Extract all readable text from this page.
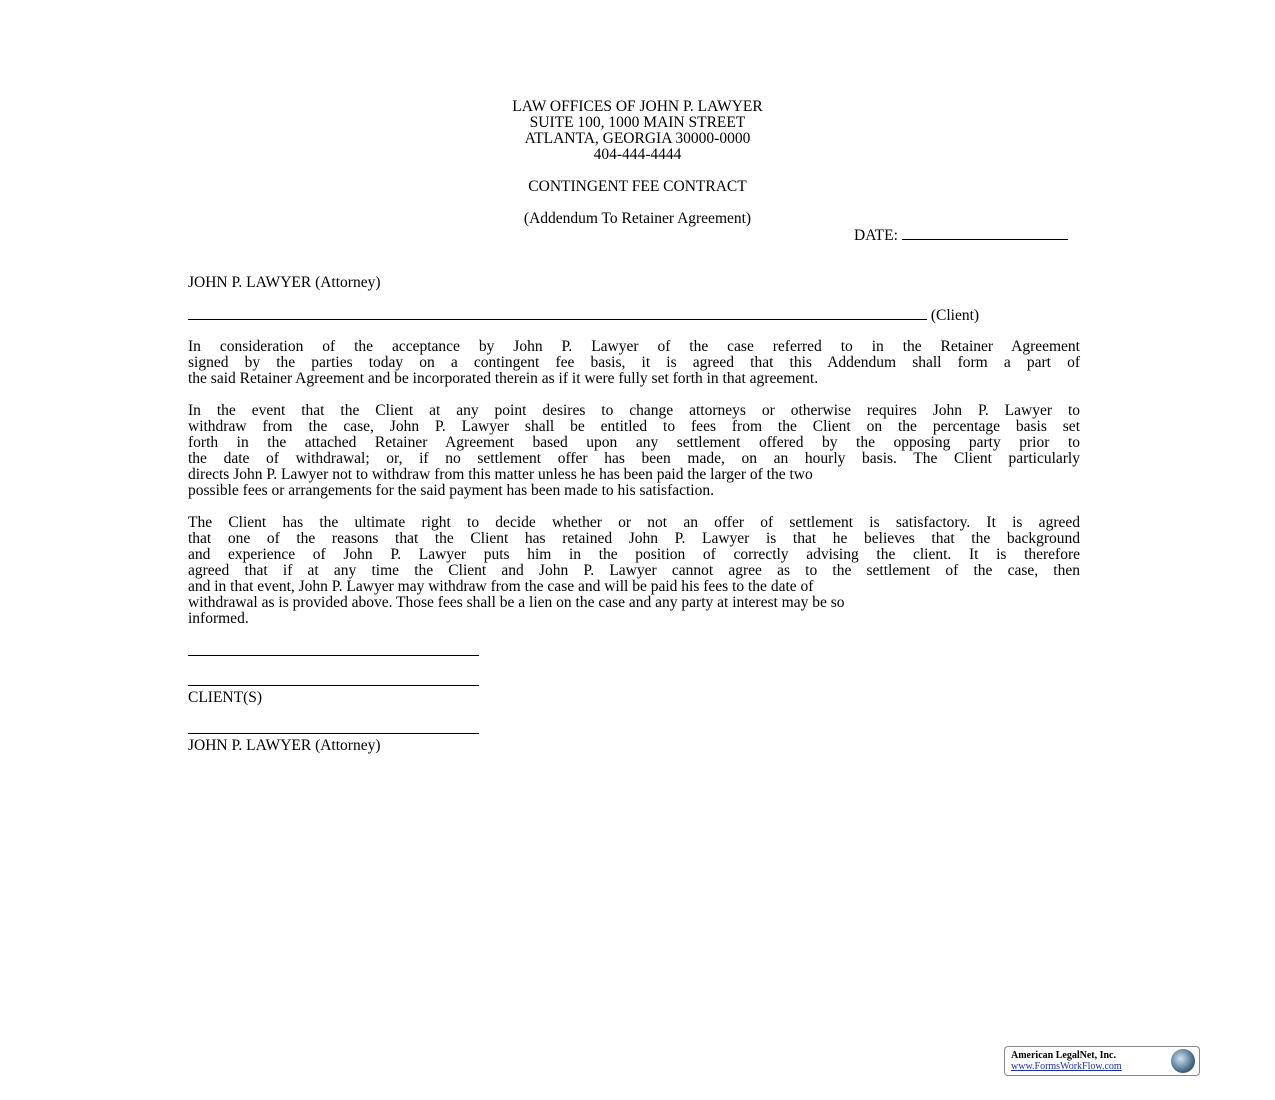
LAW OFFICES OF JOHN P. LAWYER
SUITE 100, 1000 MAIN STREET
ATLANTA, GEORGIA 30000-0000
404-444-4444
CONTINGENT FEE CONTRACT
(Addendum To Retainer Agreement)
DATE:
JOHN P. LAWYER (Attorney)
(Client)
In consideration of the acceptance by John P. Lawyer of the case referred to in the Retainer Agreement
signed by the parties today on a contingent fee basis, it is agreed that this Addendum shall form a part of
the said Retainer Agreement and be incorporated therein as if it were fully set forth in that agreement.
In the event that the Client at any point desires to change attorneys or otherwise requires John P. Lawyer to
withdraw from the case, John P. Lawyer shall be entitled to fees from the Client on the percentage basis set
forth in the attached Retainer Agreement based upon any settlement offered by the opposing party prior to
the date of withdrawal; or, if no settlement offer has been made, on an hourly basis. The Client particularly
directs John P. Lawyer not to withdraw from this matter unless he has been paid the larger of the two
possible fees or arrangements for the said payment has been made to his satisfaction.
The Client has the ultimate right to decide whether or not an offer of settlement is satisfactory. It is agreed
that one of the reasons that the Client has retained John P. Lawyer is that he believes that the background
and experience of John P. Lawyer puts him in the position of correctly advising the client. It is therefore
agreed that if at any time the Client and John P. Lawyer cannot agree as to the settlement of the case, then
and in that event, John P. Lawyer may withdraw from the case and will be paid his fees to the date of
withdrawal as is provided above. Those fees shall be a lien on the case and any party at interest may be so
informed.
CLIENT(S)
JOHN P. LAWYER (Attorney)
American LegalNet, Inc.
www.FormsWorkFlow.com
